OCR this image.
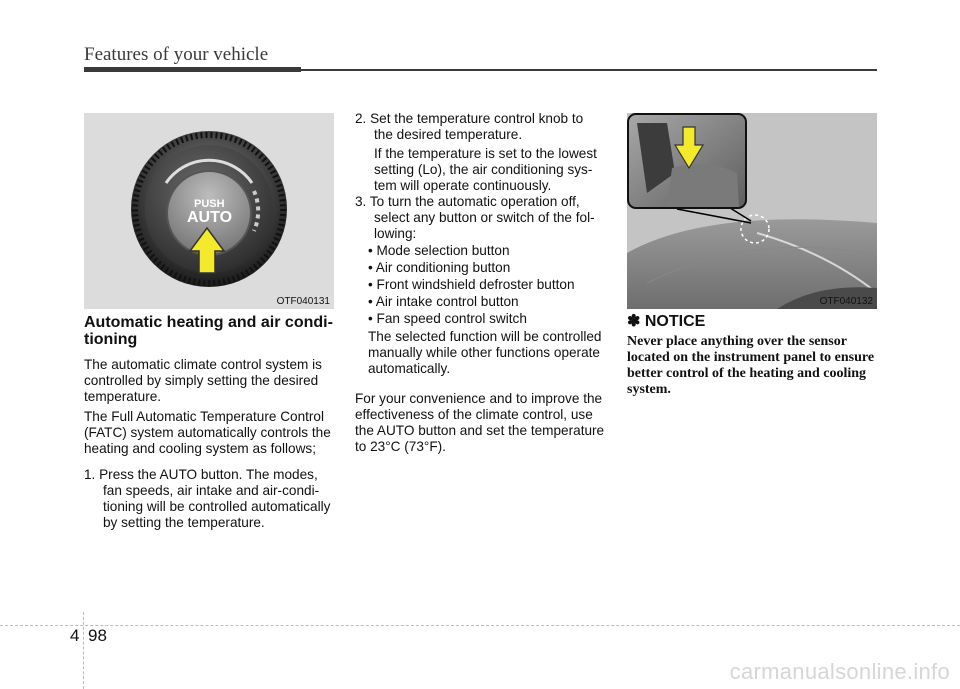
Features of your vehicle
PUSH
AUTO
OTF040131	OTF040132

Automatic heating and air condi-tioning

The automatic climate control system is controlled by simply setting the desired temperature.

The Full Automatic Temperature Control (FATC) system automatically controls the heating and cooling system as follows;

1. Press the AUTO button. The modes, fan speeds, air intake and air-condi-tioning will be controlled automatically by setting the temperature.

2. Set the temperature control knob to the desired temperature.

If the temperature is set to the lowest setting (Lo), the air conditioning sys-tem will operate continuously.

3. To turn the automatic operation off, select any button or switch of the fol-lowing:

• Mode selection button

• Air conditioning button

• Front windshield defroster button

• Air intake control button

• Fan speed control switch

The selected function will be controlled manually while other functions operate automatically.

For your convenience and to improve the effectiveness of the climate control, use the AUTO button and set the temperature to 23°C (73°F).

✽ NOTICE

Never place anything over the sensor located on the instrument panel to ensure better control of the heating and cooling system.

4 98
carmanualsonline.info
